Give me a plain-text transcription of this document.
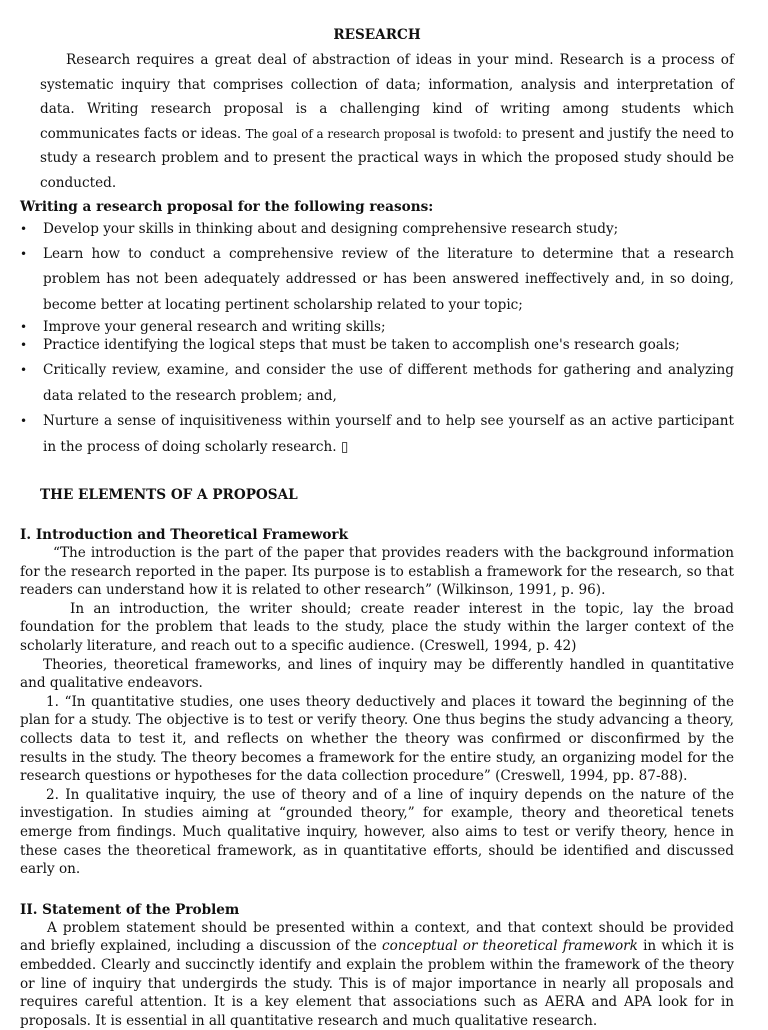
RESEARCH
Research requires a great deal of abstraction of ideas in your mind. Research is a process of systematic inquiry that comprises collection of data; information, analysis and interpretation of data. Writing research proposal is a challenging kind of writing among students which communicates facts or ideas. The goal of a research proposal is twofold: to present and justify the need to study a research problem and to present the practical ways in which the proposed study should be conducted.
Writing a research proposal for the following reasons:
• Develop your skills in thinking about and designing comprehensive research study;
• Learn how to conduct a comprehensive review of the literature to determine that a research problem has not been adequately addressed or has been answered ineffectively and, in so doing, become better at locating pertinent scholarship related to your topic;
• Improve your general research and writing skills;
• Practice identifying the logical steps that must be taken to accomplish one's research goals;
• Critically review, examine, and consider the use of different methods for gathering and analyzing data related to the research problem; and,
• Nurture a sense of inquisitiveness within yourself and to help see yourself as an active participant in the process of doing scholarly research. ▯
THE ELEMENTS OF A PROPOSAL
I. Introduction and Theoretical Framework
“The introduction is the part of the paper that provides readers with the background information for the research reported in the paper. Its purpose is to establish a framework for the research, so that readers can understand how it is related to other research” (Wilkinson, 1991, p. 96).
In an introduction, the writer should; create reader interest in the topic, lay the broad foundation for the problem that leads to the study, place the study within the larger context of the scholarly literature, and reach out to a specific audience. (Creswell, 1994, p. 42)
Theories, theoretical frameworks, and lines of inquiry may be differently handled in quantitative and qualitative endeavors.
1. “In quantitative studies, one uses theory deductively and places it toward the beginning of the plan for a study. The objective is to test or verify theory. One thus begins the study advancing a theory, collects data to test it, and reflects on whether the theory was confirmed or disconfirmed by the results in the study. The theory becomes a framework for the entire study, an organizing model for the research questions or hypotheses for the data collection procedure” (Creswell, 1994, pp. 87-88).
2. In qualitative inquiry, the use of theory and of a line of inquiry depends on the nature of the investigation. In studies aiming at “grounded theory,” for example, theory and theoretical tenets emerge from findings. Much qualitative inquiry, however, also aims to test or verify theory, hence in these cases the theoretical framework, as in quantitative efforts, should be identified and discussed early on.
II. Statement of the Problem
A problem statement should be presented within a context, and that context should be provided and briefly explained, including a discussion of the conceptual or theoretical framework in which it is embedded. Clearly and succinctly identify and explain the problem within the framework of the theory or line of inquiry that undergirds the study. This is of major importance in nearly all proposals and requires careful attention. It is a key element that associations such as AERA and APA look for in proposals. It is essential in all quantitative research and much qualitative research.
